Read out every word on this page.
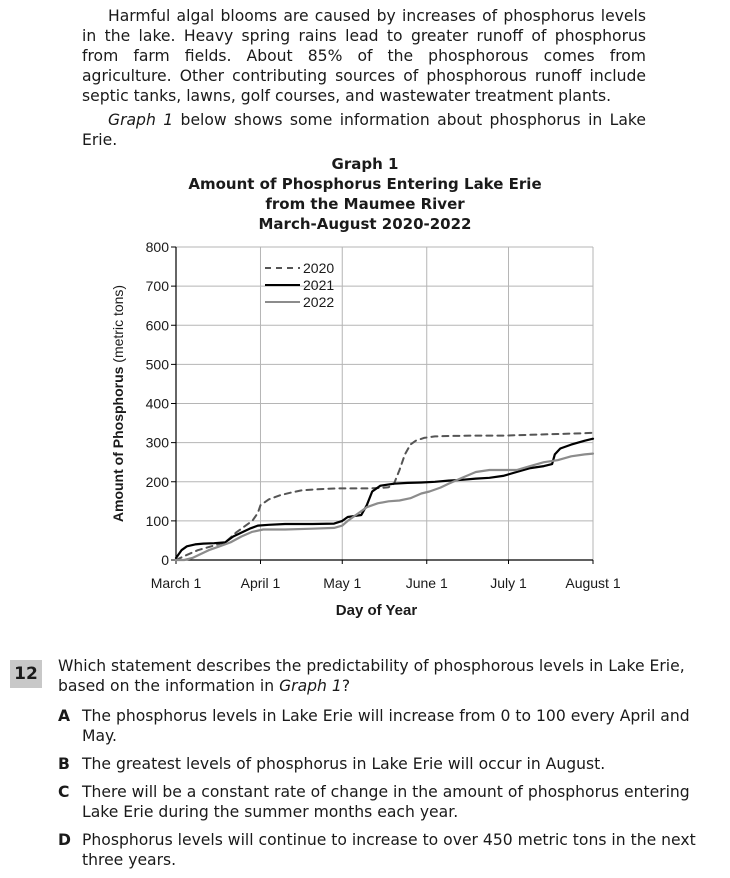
Harmful algal blooms are caused by increases of phosphorus levels in the lake. Heavy spring rains lead to greater runoff of phosphorus from farm fields. About 85% of the phosphorous comes from agriculture. Other contributing sources of phosphorous runoff include septic tanks, lawns, golf courses, and wastewater treatment plants.

Graph 1 below shows some information about phosphorus in Lake Erie.

Graph 1
Amount of Phosphorus Entering Lake Erie
from the Maumee River
March-August 2020-2022
0
100
200
300
400
500
600
700
800
March 1	April 1	May 1	June 1	July 1	August 1
Day of Year
Amount of Phosphorus (metric tons)
2020
2021
2022
12 Which statement describes the predictability of phosphorous levels in Lake Erie, based on the information in Graph 1?
A The phosphorus levels in Lake Erie will increase from 0 to 100 every April and May.
B The greatest levels of phosphorus in Lake Erie will occur in August.
C There will be a constant rate of change in the amount of phosphorus entering Lake Erie during the summer months each year.
D Phosphorus levels will continue to increase to over 450 metric tons in the next three years.
